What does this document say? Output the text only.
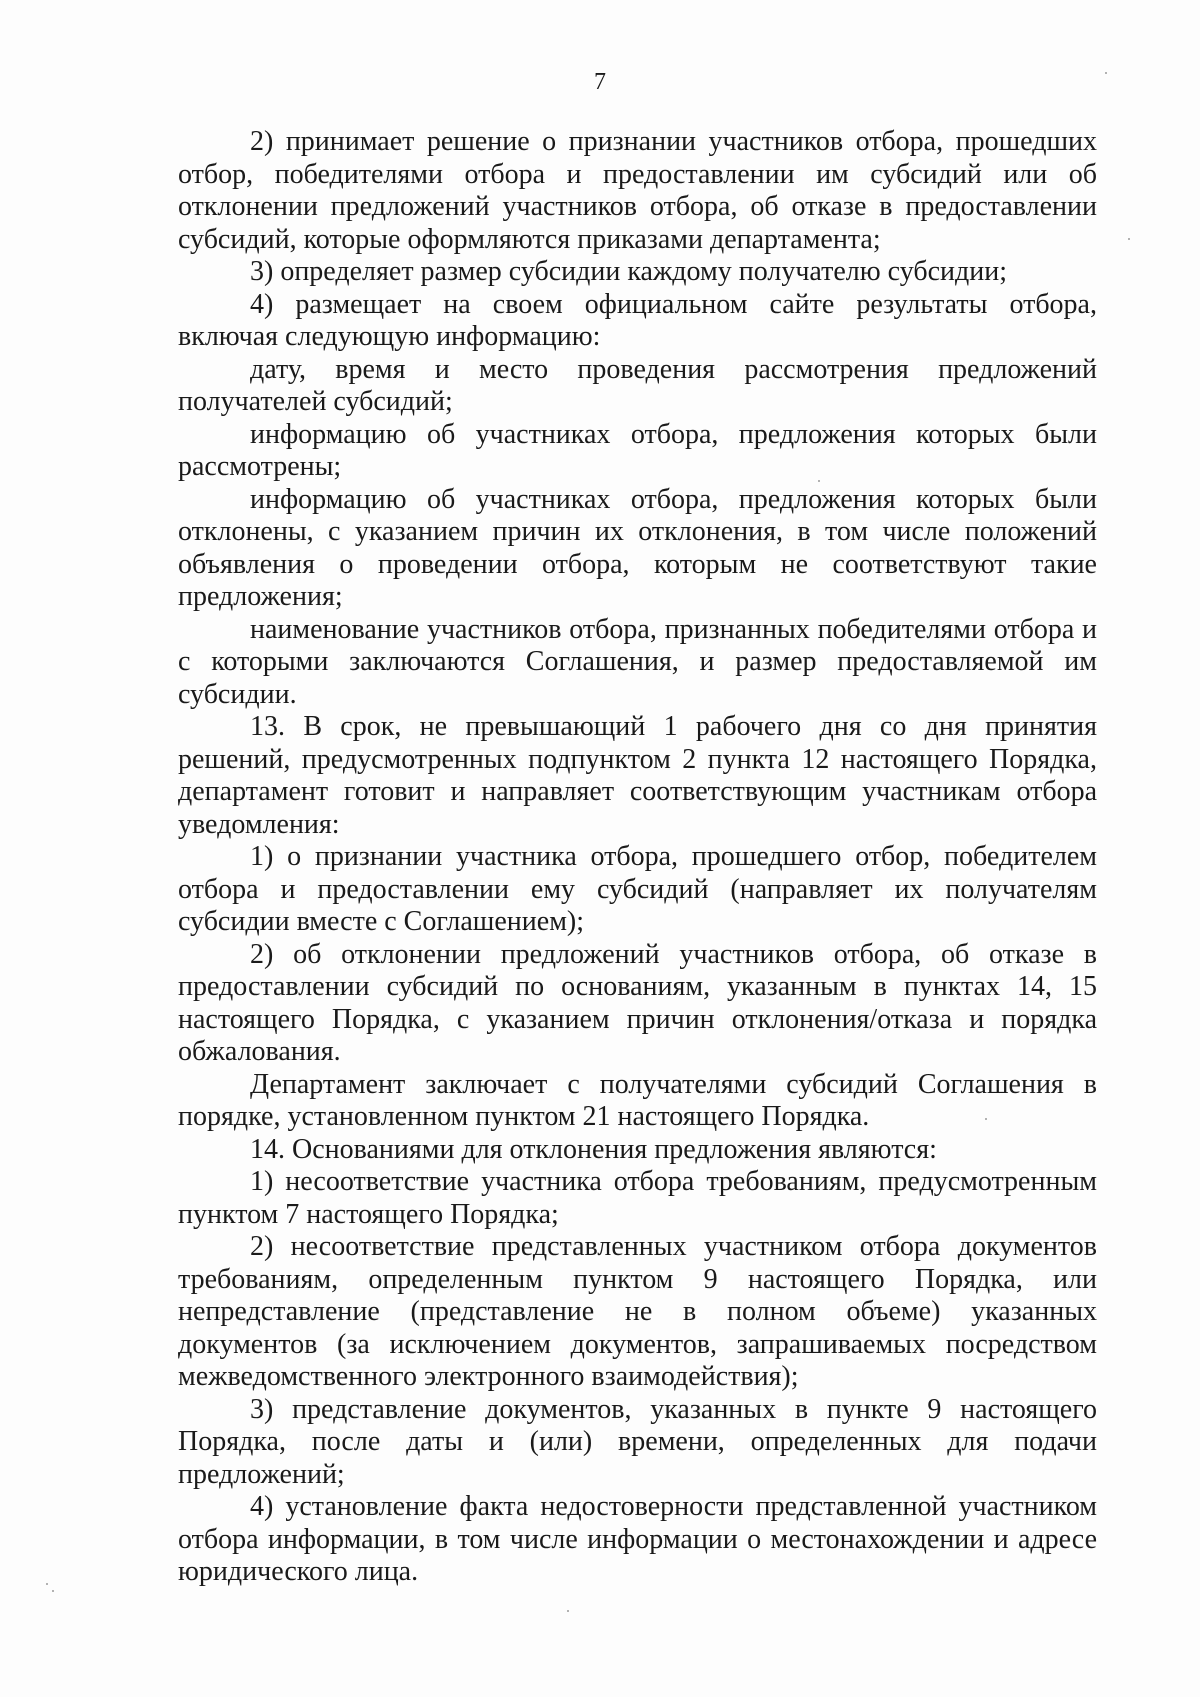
7

2) принимает решение о признании участников отбора, прошедших отбор, победителями отбора и предоставлении им субсидий или об отклонении предложений участников отбора, об отказе в предоставлении субсидий, которые оформляются приказами департамента;

3) определяет размер субсидии каждому получателю субсидии;

4) размещает на своем официальном сайте результаты отбора, включая следующую информацию:

дату, время и место проведения рассмотрения предложений получателей субсидий;

информацию об участниках отбора, предложения которых были рассмотрены;

информацию об участниках отбора, предложения которых были отклонены, с указанием причин их отклонения, в том числе положений объявления о проведении отбора, которым не соответствуют такие предложения;

наименование участников отбора, признанных победителями отбора и с которыми заключаются Соглашения, и размер предоставляемой им субсидии.

13. В срок, не превышающий 1 рабочего дня со дня принятия решений, предусмотренных подпунктом 2 пункта 12 настоящего Порядка, департамент готовит и направляет соответствующим участникам отбора уведомления:

1) о признании участника отбора, прошедшего отбор, победителем отбора и предоставлении ему субсидий (направляет их получателям субсидии вместе с Соглашением);

2) об отклонении предложений участников отбора, об отказе в предоставлении субсидий по основаниям, указанным в пунктах 14, 15 настоящего Порядка, с указанием причин отклонения/отказа и порядка обжалования.

Департамент заключает с получателями субсидий Соглашения в порядке, установленном пунктом 21 настоящего Порядка.

14. Основаниями для отклонения предложения являются:

1) несоответствие участника отбора требованиям, предусмотренным пунктом 7 настоящего Порядка;

2) несоответствие представленных участником отбора документов требованиям, определенным пунктом 9 настоящего Порядка, или непредставление (представление не в полном объеме) указанных документов (за исключением документов, запрашиваемых посредством межведомственного электронного взаимодействия);

3) представление документов, указанных в пункте 9 настоящего Порядка, после даты и (или) времени, определенных для подачи предложений;

4) установление факта недостоверности представленной участником отбора информации, в том числе информации о местонахождении и адресе юридического лица.
